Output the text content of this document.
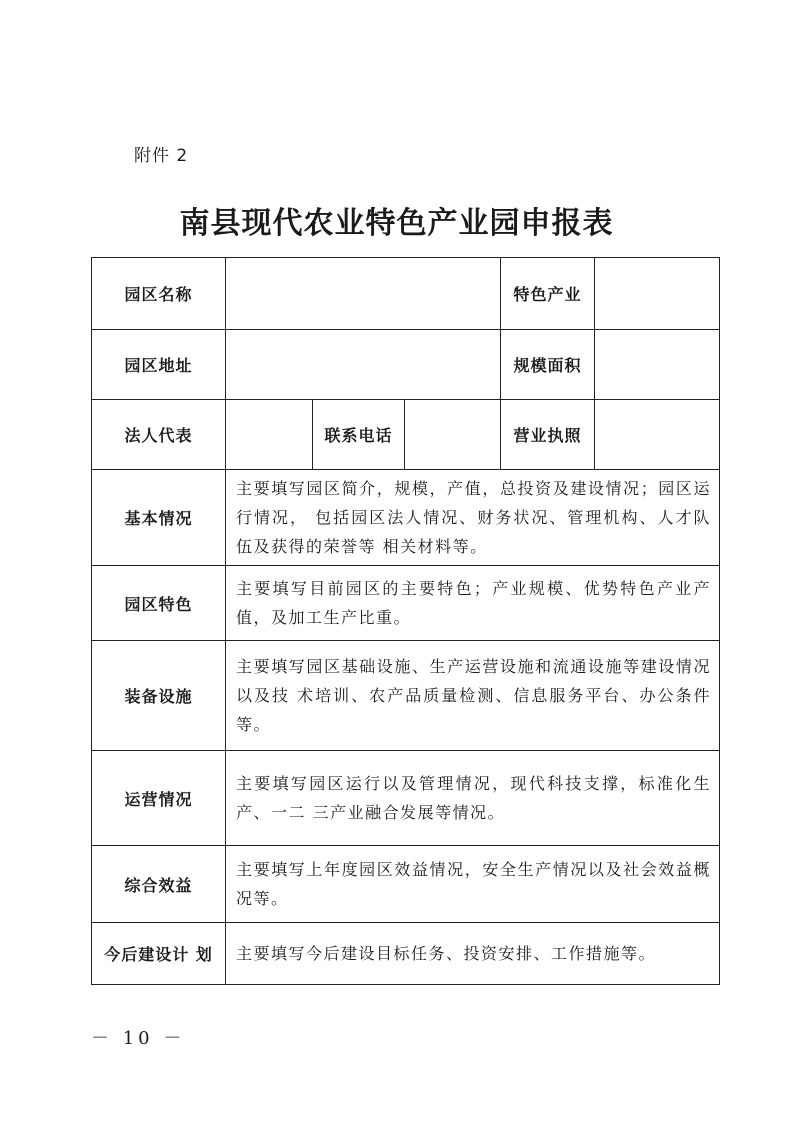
附件 2
南县现代农业特色产业园申报表
园区名称				特色产业	
园区地址				规模面积	
法人代表		联系电话		营业执照	
基本情况	主要填写园区简介，规模，产值，总投资及建设情况；园区运行情况， 包括园区法人情况、财务状况、管理机构、人才队伍及获得的荣誉等 相关材料等。				
园区特色	主要填写目前园区的主要特色；产业规模、优势特色产业产值，及加工生产比重。				
装备设施	主要填写园区基础设施、生产运营设施和流通设施等建设情况以及技 术培训、农产品质量检测、信息服务平台、办公条件等。				
运营情况	主要填写园区运行以及管理情况，现代科技支撑，标准化生产、一二 三产业融合发展等情况。				
综合效益	主要填写上年度园区效益情况，安全生产情况以及社会效益概况等。				
今后建设计 划	主要填写今后建设目标任务、投资安排、工作措施等。				
－ 10 －
